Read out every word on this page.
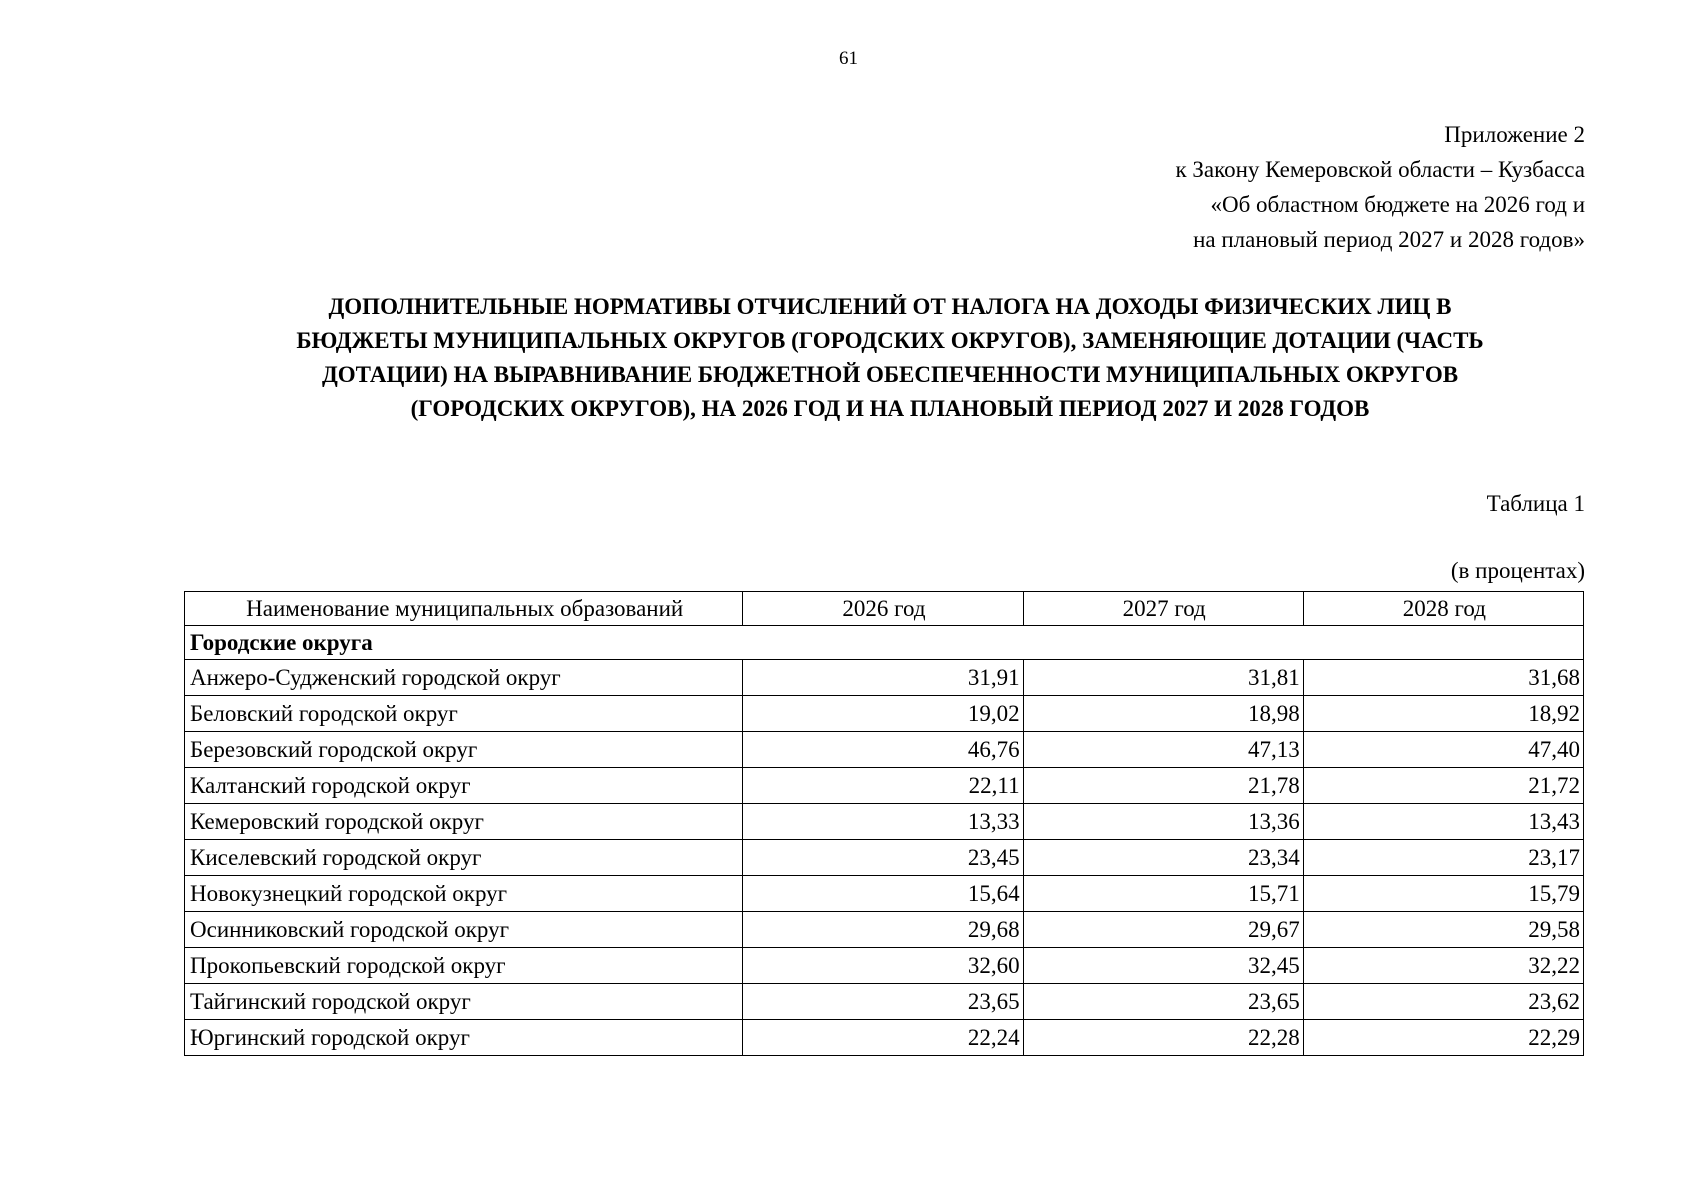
61
Приложение 2
к Закону Кемеровской области – Кузбасса
«Об областном бюджете на 2026 год и
на плановый период 2027 и 2028 годов»
ДОПОЛНИТЕЛЬНЫЕ НОРМАТИВЫ ОТЧИСЛЕНИЙ ОТ НАЛОГА НА ДОХОДЫ ФИЗИЧЕСКИХ ЛИЦ В
БЮДЖЕТЫ МУНИЦИПАЛЬНЫХ ОКРУГОВ (ГОРОДСКИХ ОКРУГОВ), ЗАМЕНЯЮЩИЕ ДОТАЦИИ (ЧАСТЬ
ДОТАЦИИ) НА ВЫРАВНИВАНИЕ БЮДЖЕТНОЙ ОБЕСПЕЧЕННОСТИ МУНИЦИПАЛЬНЫХ ОКРУГОВ
(ГОРОДСКИХ ОКРУГОВ), НА 2026 ГОД И НА ПЛАНОВЫЙ ПЕРИОД 2027 И 2028 ГОДОВ
Таблица 1
(в процентах)
Наименование муниципальных образований	2026 год	2027 год	2028 год
Городские округа			
Анжеро-Судженский городской округ	31,91	31,81	31,68
Беловский городской округ	19,02	18,98	18,92
Березовский городской округ	46,76	47,13	47,40
Калтанский городской округ	22,11	21,78	21,72
Кемеровский городской округ	13,33	13,36	13,43
Киселевский городской округ	23,45	23,34	23,17
Новокузнецкий городской округ	15,64	15,71	15,79
Осинниковский городской округ	29,68	29,67	29,58
Прокопьевский городской округ	32,60	32,45	32,22
Тайгинский городской округ	23,65	23,65	23,62
Юргинский городской округ	22,24	22,28	22,29
